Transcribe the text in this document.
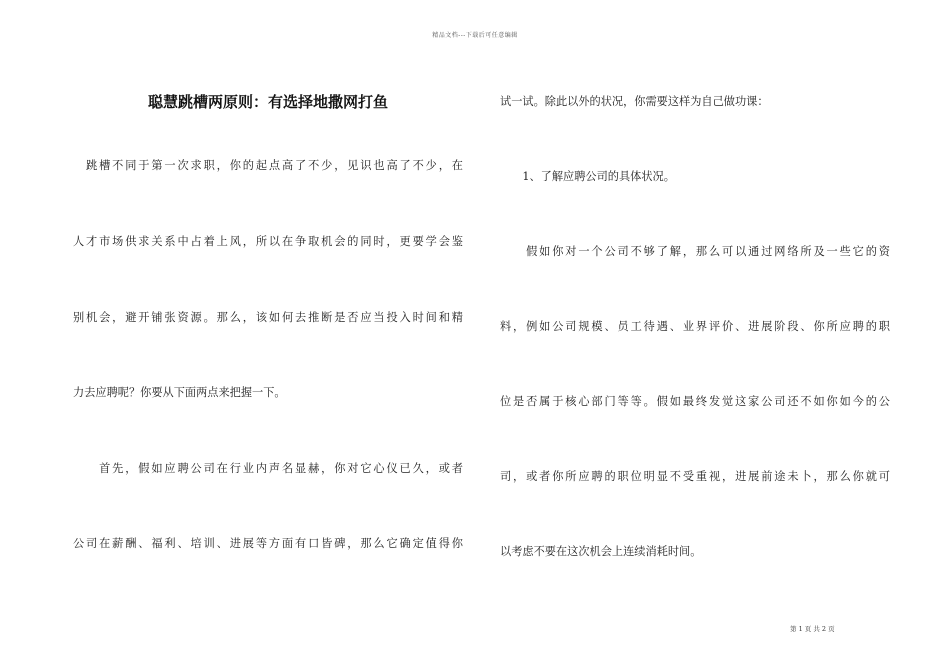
精品文档---下载后可任意编辑
聪慧跳槽两原则：有选择地撒网打鱼
　跳槽不同于第一次求职，你的起点高了不少，见识也高了不少，在
人才市场供求关系中占着上风，所以在争取机会的同时，更要学会鉴
别机会，避开铺张资源。那么，该如何去推断是否应当投入时间和精
力去应聘呢？你要从下面两点来把握一下。
　　首先，假如应聘公司在行业内声名显赫，你对它心仪已久，或者
公司在薪酬、福利、培训、进展等方面有口皆碑，那么它确定值得你
试一试。除此以外的状况，你需要这样为自己做功课：
　　1、了解应聘公司的具体状况。
　　假如你对一个公司不够了解，那么可以通过网络所及一些它的资
料，例如公司规模、员工待遇、业界评价、进展阶段、你所应聘的职
位是否属于核心部门等等。假如最终发觉这家公司还不如你如今的公
司，或者你所应聘的职位明显不受重视，进展前途未卜，那么你就可
以考虑不要在这次机会上连续消耗时间。
第 1 页 共 2 页
